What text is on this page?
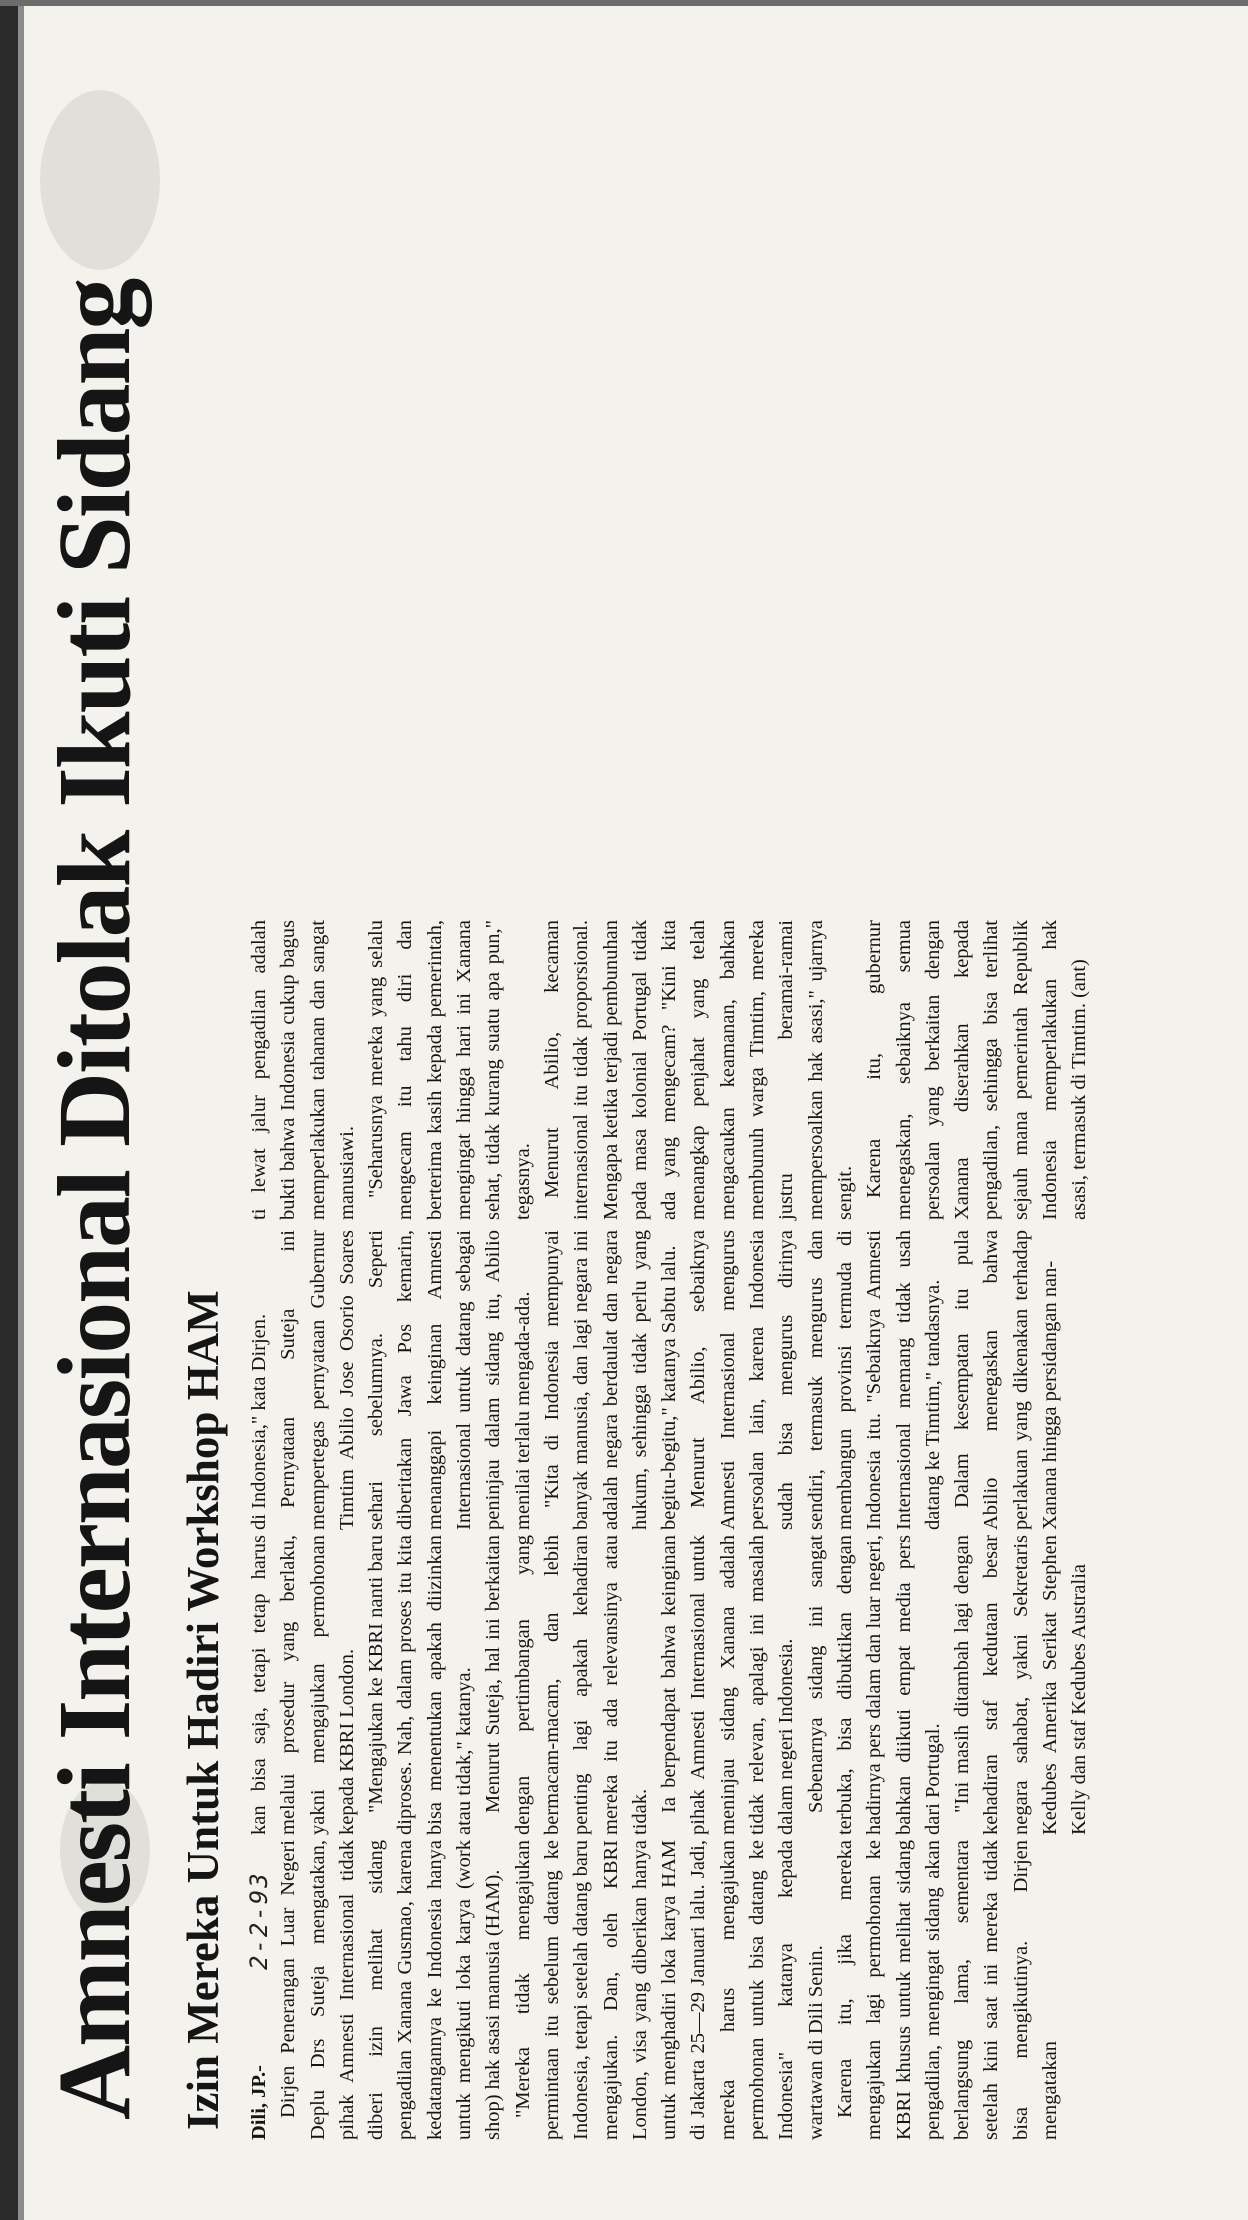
Amnesti Internasional Ditolak Ikuti Sidang Izin Mereka Untuk Hadiri Workshop HAM 2-2-93

Dili, JP.- Dirjen Penerangan Luar Negeri Deplu Drs Suteja mengatakan, pihak Amnesti Internasional tidak diberi izin melihat sidang pengadilan Xanana Gusmao, karena kedatangannya ke Indonesia hanya untuk mengikuti loka karya (work shop) hak asasi manusia (HAM). "Mereka tidak mengajukan permintaan itu sebelum datang ke Indonesia, tetapi setelah datang baru mengajukan. Dan, oleh KBRI London, visa yang diberikan hanya untuk menghadiri loka karya HAM di Jakarta 25—29 Januari lalu. Jadi, mereka harus mengajukan permohonan untuk bisa datang ke Indonesia" katanya kepada wartawan di Dili Senin. Karena itu, jika mereka mengajukan lagi permohonan ke KBRI khusus untuk melihat sidang pengadilan, mengingat sidang akan berlangsung lama, sementara setelah kini saat ini mereka tidak bisa mengikutinya. Dirjen mengatakan

kan bisa saja, tetapi tetap harus melalui prosedur yang berlaku, yakni mengajukan permohonan kepada KBRI London. "Mengajukan ke KBRI nanti baru diproses. Nah, dalam proses itu kita bisa menentukan apakah diizinkan atau tidak," katanya. Menurut Suteja, hal ini berkaitan dengan pertimbangan yang bermacam-macam, dan lebih penting lagi apakah kehadiran mereka itu ada relevansinya atau tidak. Ia berpendapat bahwa keinginan pihak Amnesti Internasional untuk meninjau sidang Xanana adalah tidak relevan, apalagi ini masalah dalam negeri Indonesia. Sebenarnya sidang ini sangat terbuka, bisa dibuktikan dengan hadirnya pers dalam dan luar negeri, bahkan diikuti empat media pers dari Portugal. "Ini masih ditambah lagi dengan kehadiran staf kedutaan besar negara sahabat, yakni Sekretaris Kedubes Amerika Serikat Stephen Kelly dan staf Kedubes Australia

di Indonesia," kata Dirjen. Pernyataan Suteja ini mempertegas pernyataan Gubernur Timtim Abilio Jose Osorio Soares sehari sebelumnya. Seperti diberitakan Jawa Pos kemarin, menanggapi keinginan Amnesti Internasional untuk datang sebagai peninjau dalam sidang itu, Abilio menilai terlalu mengada-ada. "Kita di Indonesia mempunyai banyak manusia, dan lagi negara ini adalah negara berdaulat dan negara hukum, sehingga tidak perlu yang begitu-begitu," katanya Sabtu lalu. Menurut Abilio, sebaiknya Amnesti Internasional mengurus persoalan lain, karena Indonesia sudah bisa mengurus dirinya sendiri, termasuk mengurus dan membangun provinsi termuda di Indonesia itu. "Sebaiknya Amnesti Internasional memang tidak usah datang ke Timtim," tandasnya. Dalam kesempatan itu pula Abilio menegaskan bahwa perlakuan yang dikenakan terhadap Xanana hingga persidangan nan-

ti lewat jalur pengadilan adalah bukti bahwa Indonesia cukup bagus memperlakukan tahanan dan sangat manusiawi. "Seharusnya mereka yang selalu mengecam itu tahu diri dan berterima kasih kepada pemerintah, mengingat hingga hari ini Xanana sehat, tidak kurang suatu apa pun," tegasnya. Menurut Abilio, kecaman internasional itu tidak proporsional. Mengapa ketika terjadi pembunuhan pada masa kolonial Portugal tidak ada yang mengecam? "Kini kita menangkap penjahat yang telah mengacaukan keamanan, bahkan membunuh warga Timtim, mereka justru beramai-ramai mempersoalkan hak asasi," ujarnya sengit. Karena itu, gubernur menegaskan, sebaiknya semua persoalan yang berkaitan dengan Xanana diserahkan kepada pengadilan, sehingga bisa terlihat sejauh mana pemerintah Republik Indonesia memperlakukan hak asasi, termasuk di Timtim. (ant)
